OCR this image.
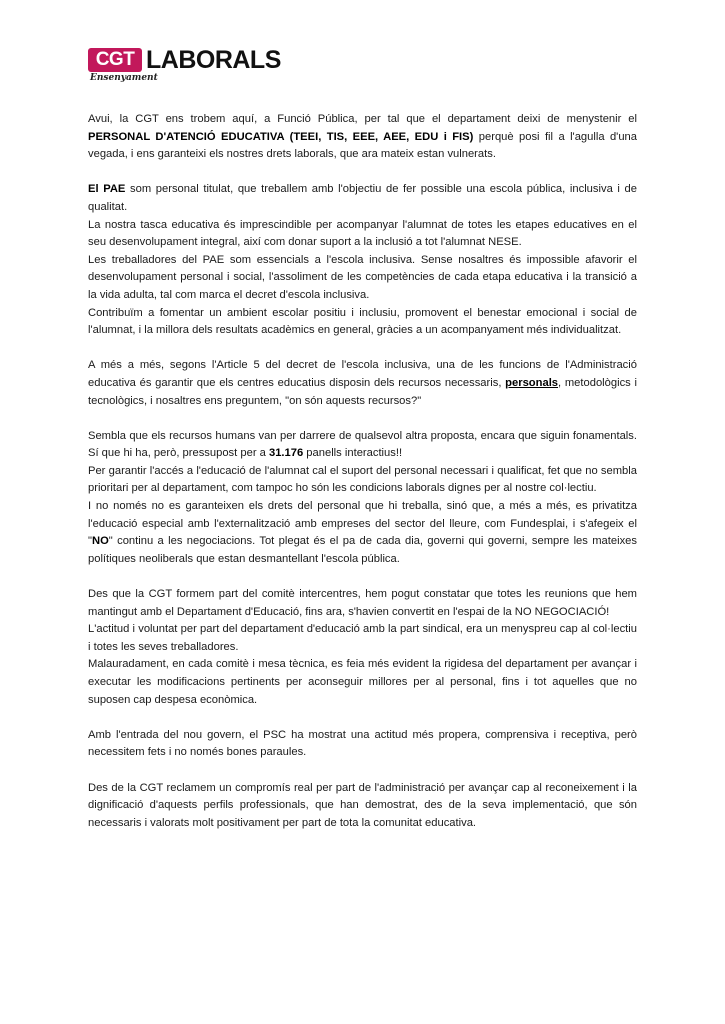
CGT LABORALS
Ensenyament

Avui, la CGT ens trobem aquí, a Funció Pública, per tal que el departament deixi de menystenir el PERSONAL D'ATENCIÓ EDUCATIVA (TEEI, TIS, EEE, AEE, EDU i FIS) perquè posi fil a l'agulla d'una vegada, i ens garanteixi els nostres drets laborals, que ara mateix estan vulnerats.

El PAE som personal titulat, que treballem amb l'objectiu de fer possible una escola pública, inclusiva i de qualitat.
La nostra tasca educativa és imprescindible per acompanyar l'alumnat de totes les etapes educatives en el seu desenvolupament integral, així com donar suport a la inclusió a tot l'alumnat NESE.
Les treballadores del PAE som essencials a l'escola inclusiva. Sense nosaltres és impossible afavorir el desenvolupament personal i social, l'assoliment de les competències de cada etapa educativa i la transició a la vida adulta, tal com marca el decret d'escola inclusiva.
Contribuïm a fomentar un ambient escolar positiu i inclusiu, promovent el benestar emocional i social de l'alumnat, i la millora dels resultats acadèmics en general, gràcies a un acompanyament més individualitzat.

A més a més, segons l'Article 5 del decret de l'escola inclusiva, una de les funcions de l'Administració educativa és garantir que els centres educatius disposin dels recursos necessaris, personals, metodològics i tecnològics, i nosaltres ens preguntem, "on són aquests recursos?"

Sembla que els recursos humans van per darrere de qualsevol altra proposta, encara que siguin fonamentals. Sí que hi ha, però, pressupost per a 31.176 panells interactius!!
Per garantir l'accés a l'educació de l'alumnat cal el suport del personal necessari i qualificat, fet que no sembla prioritari per al departament, com tampoc ho són les condicions laborals dignes per al nostre col·lectiu.
I no només no es garanteixen els drets del personal que hi treballa, sinó que, a més a més, es privatitza l'educació especial amb l'externalització amb empreses del sector del lleure, com Fundesplai, i s'afegeix el "NO" continu a les negociacions. Tot plegat és el pa de cada dia, governi qui governi, sempre les mateixes polítiques neoliberals que estan desmantellant l'escola pública.

Des que la CGT formem part del comitè intercentres, hem pogut constatar que totes les reunions que hem mantingut amb el Departament d'Educació, fins ara, s'havien convertit en l'espai de la NO NEGOCIACIÓ!
L'actitud i voluntat per part del departament d'educació amb la part sindical, era un menyspreu cap al col·lectiu i totes les seves treballadores.
Malauradament, en cada comitè i mesa tècnica, es feia més evident la rigidesa del departament per avançar i executar les modificacions pertinents per aconseguir millores per al personal, fins i tot aquelles que no suposen cap despesa econòmica.

Amb l'entrada del nou govern, el PSC ha mostrat una actitud més propera, comprensiva i receptiva, però necessitem fets i no només bones paraules.

Des de la CGT reclamem un compromís real per part de l'administració per avançar cap al reconeixement i la dignificació d'aquests perfils professionals, que han demostrat, des de la seva implementació, que són necessaris i valorats molt positivament per part de tota la comunitat educativa.
